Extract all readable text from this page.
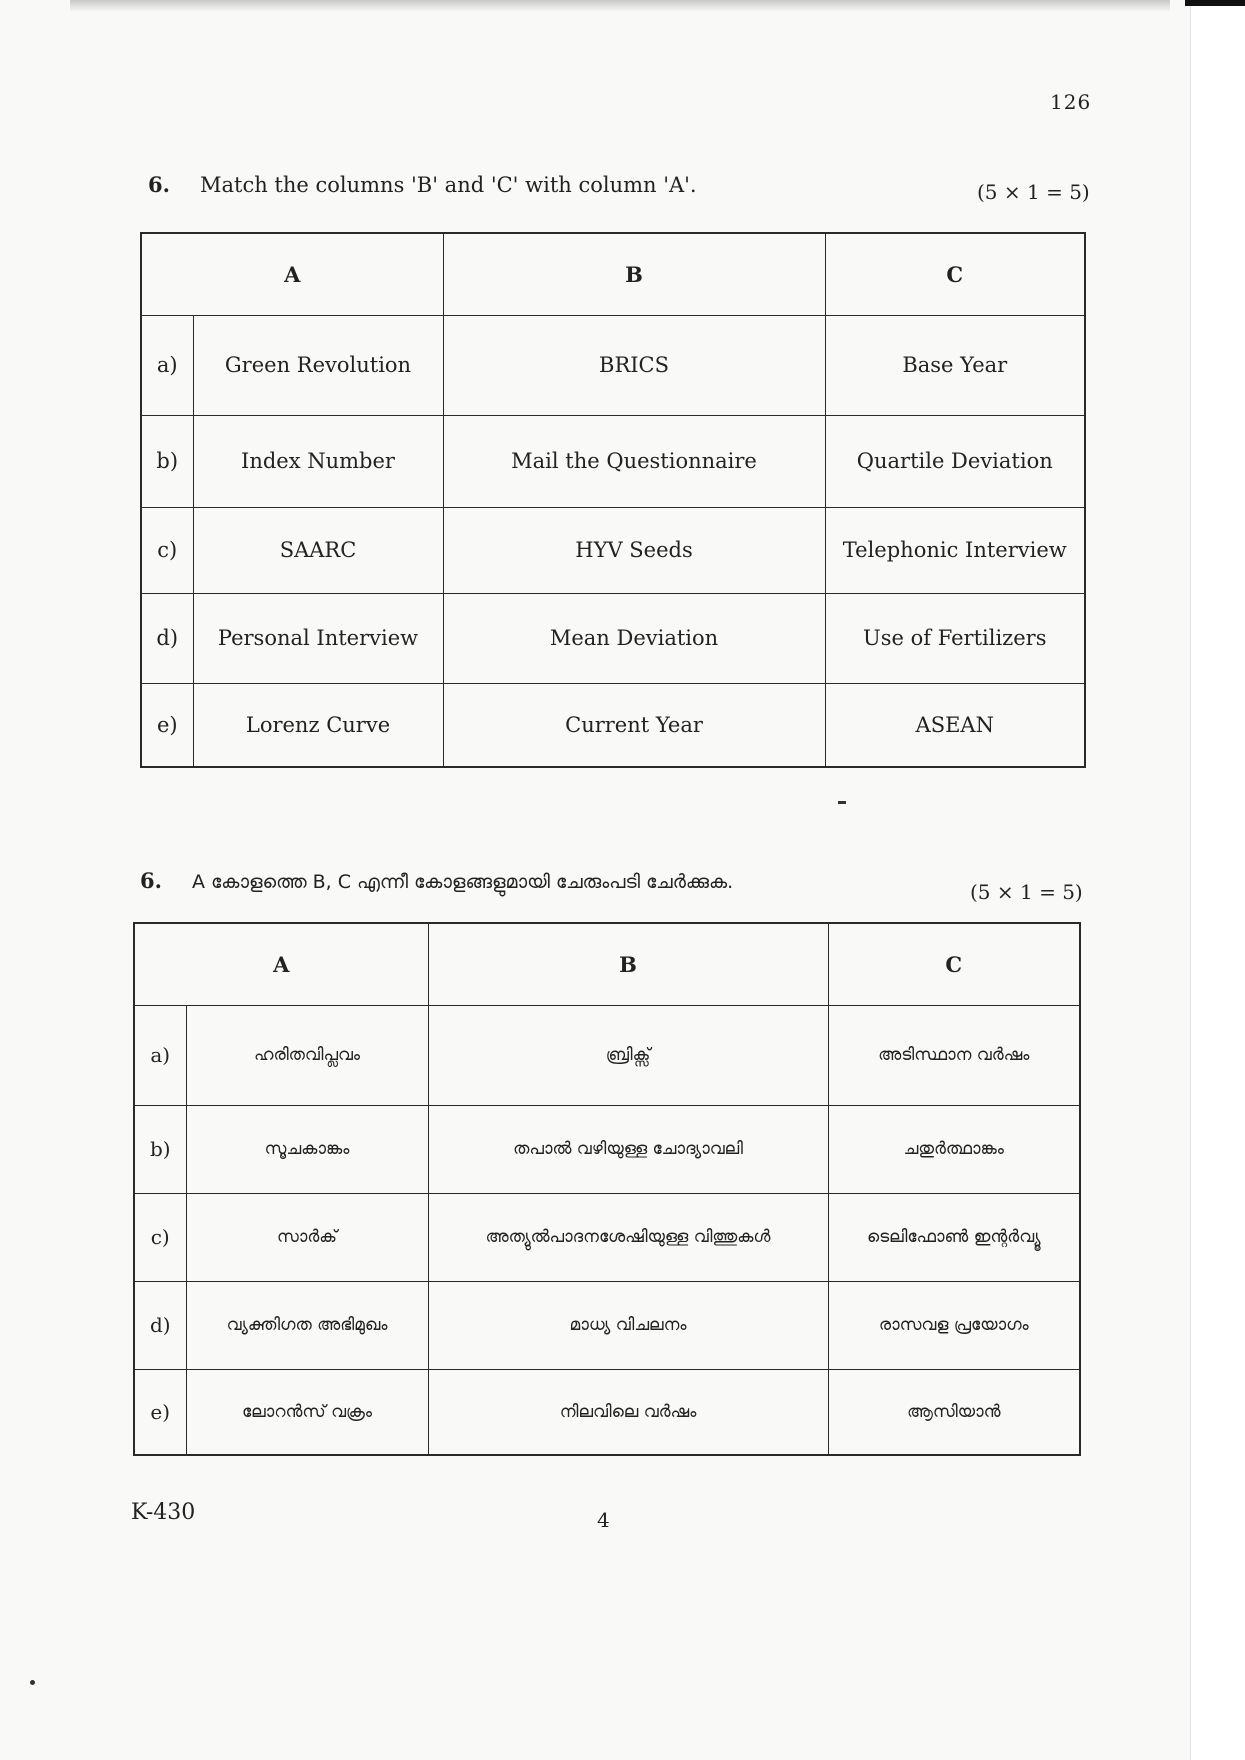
126
6.	Match the columns 'B' and 'C' with column 'A'.	(5 × 1 = 5)
A		B	C
a)	Green Revolution	BRICS	Base Year
b)	Index Number	Mail the Questionnaire	Quartile Deviation
c)	SAARC	HYV Seeds	Telephonic Interview
d)	Personal Interview	Mean Deviation	Use of Fertilizers
e)	Lorenz Curve	Current Year	ASEAN
6.	A കോളത്തെ B, C എന്നീ കോളങ്ങളുമായി ചേരുംപടി ചേർക്കുക.	(5 × 1 = 5)
A		B	C
a)	ഹരിതവിപ്ലവം	ബ്രിക്സ്	അടിസ്ഥാന വർഷം
b)	സൂചകാങ്കം	തപാൽ വഴിയുള്ള ചോദ്യാവലി	ചതുർത്ഥാങ്കം
c)	സാർക്	അത്യുൽപാദനശേഷിയുള്ള വിത്തുകൾ	ടെലിഫോൺ ഇന്റർവ്യൂ
d)	വ്യക്തിഗത അഭിമുഖം	മാധ്യ വിചലനം	രാസവള പ്രയോഗം
e)	ലോറൻസ് വക്രം	നിലവിലെ വർഷം	ആസിയാൻ
K-430	4
